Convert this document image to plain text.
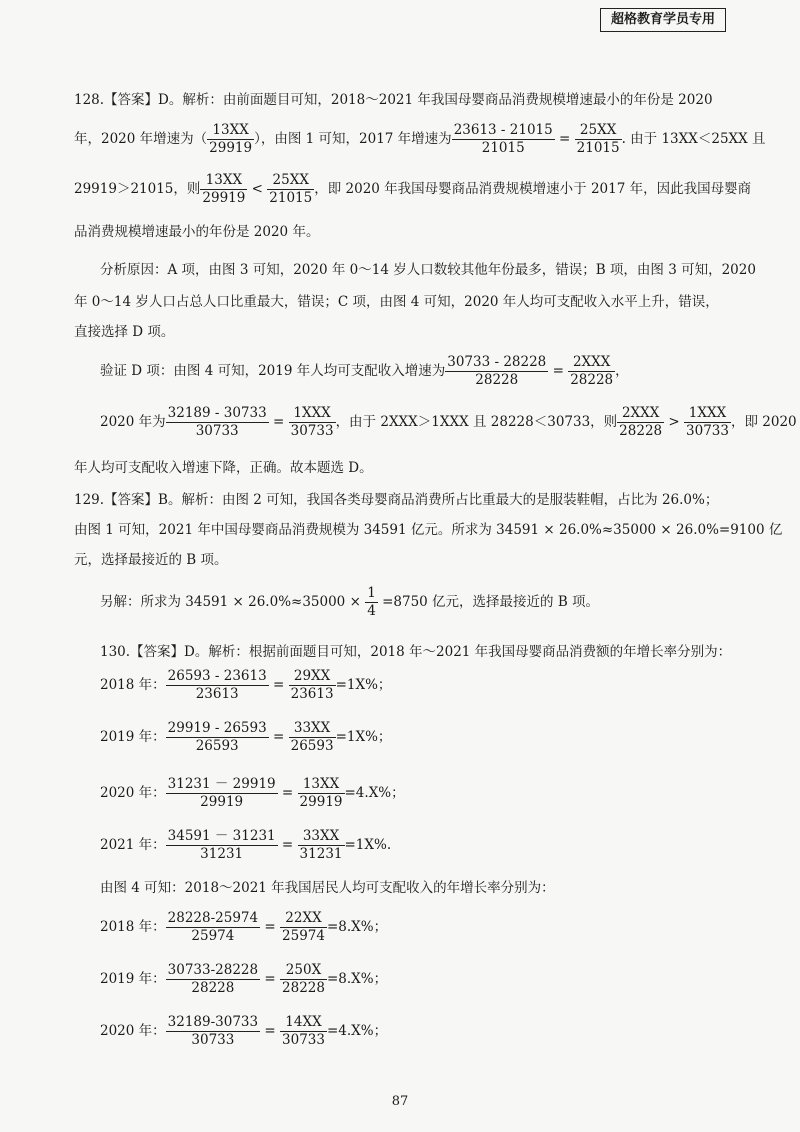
超格教育学员专用
128.【答案】D。解析：由前面题目可知，2018～2021 年我国母婴商品消费规模增速最小的年份是 2020
年，2020 年增速为（ $\frac{13XX}{29919}$ ），由图 1 可知，2017 年增速为 $\frac{23613 - 21015}{21015} = \frac{25XX}{21015}$ . 由于 13XX＜25XX 且
29919＞21015，则 $\frac{13XX}{29919} < \frac{25XX}{21015}$ ，即 2020 年我国母婴商品消费规模增速小于 2017 年，因此我国母婴商
品消费规模增速最小的年份是 2020 年。
分析原因：A 项，由图 3 可知，2020 年 0～14 岁人口数较其他年份最多，错误；B 项，由图 3 可知，2020
年 0～14 岁人口占总人口比重最大，错误；C 项，由图 4 可知，2020 年人均可支配收入水平上升，错误，
直接选择 D 项。
验证 D 项：由图 4 可知，2019 年人均可支配收入增速为 $\frac{30733 - 28228}{28228} = \frac{\text{2XXX}}{28228}$ ，
2020 年为 $\frac{32189 - 30733}{30733} = \frac{\text{1XXX}}{30733}$ ，由于 2XXX＞1XXX 且 28228＜30733，则 $\frac{\text{2XXX}}{28228} > \frac{\text{1XXX}}{30733}$ ，即 2020
年人均可支配收入增速下降，正确。故本题选 D。
129.【答案】B。解析：由图 2 可知，我国各类母婴商品消费所占比重最大的是服装鞋帽，占比为 26.0%；
由图 1 可知，2021 年中国母婴商品消费规模为 34591 亿元。所求为 34591 × 26.0%≈35000 × 26.0%=9100 亿
元，选择最接近的 B 项。
另解：所求为 $34591 \times 26.0\%\approx 35000 \times \frac{1}{4} =8750$ 亿元，选择最接近的 B 项。
130.【答案】D。解析：根据前面题目可知，2018 年～2021 年我国母婴商品消费额的年增长率分别为：
2018 年： $\frac{26593 - 23613}{23613} = \frac{29XX}{23613} =1X\%$；
2019 年： $\frac{29919 - 26593}{26593} = \frac{33XX}{26593} =1X\%$；
2020 年： $\frac{31231 - 29919}{29919} = \frac{13XX}{29919} =4.X\%$；
2021 年： $\frac{34591 - 31231}{31231} = \frac{33XX}{31231} =1X\%$.
由图 4 可知：2018～2021 年我国居民人均可支配收入的年增长率分别为：
2018 年： $\frac{28228-25974}{25974} = \frac{22XX}{25974} =8.X\%$；
2019 年： $\frac{30733-28228}{28228} = \frac{250X}{28228} =8.X\%$；
2020 年： $\frac{32189-30733}{30733} = \frac{14XX}{30733} =4.X\%$；
87
